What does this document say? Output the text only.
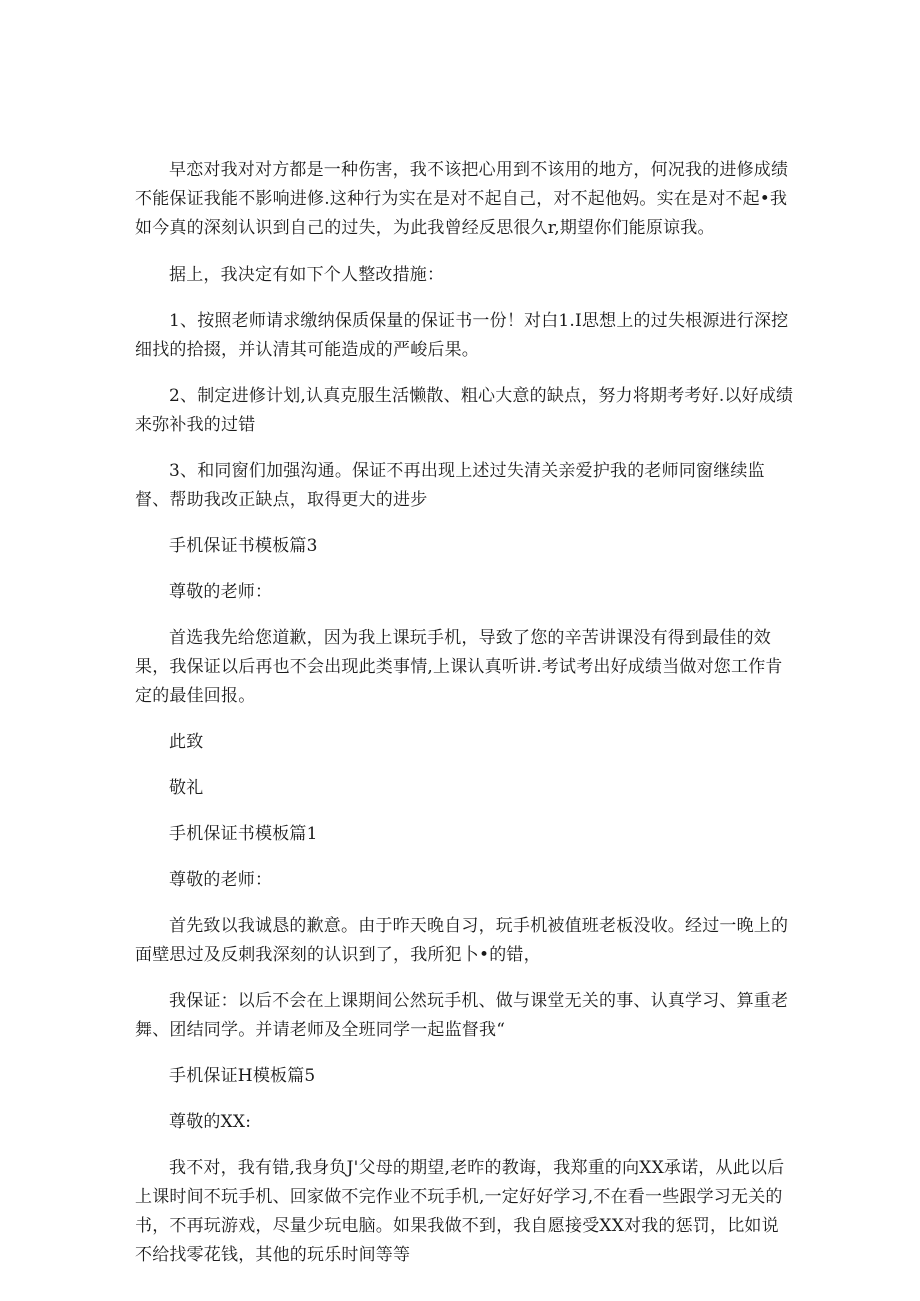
早恋对我对对方都是一种伤害，我不该把心用到不该用的地方，何况我的进修成绩不能保证我能不影响进修.这种行为实在是对不起自己，对不起他妈。实在是对不起•我如今真的深刻认识到自己的过失，为此我曾经反思很久r,期望你们能原谅我。

据上，我决定有如下个人整改措施：

1、按照老师请求缴纳保质保量的保证书一份！对白1.I思想上的过失根源进行深挖细找的拾掇，并认清其可能造成的严峻后果。

2、制定进修计划,认真克服生活懒散、粗心大意的缺点，努力将期考考好.以好成绩来弥补我的过错

3、和同窗们加强沟通。保证不再出现上述过失清关亲爱护我的老师同窗继续监督、帮助我改正缺点，取得更大的进步

手机保证书模板篇3

尊敬的老师：

首选我先给您道歉，因为我上课玩手机，导致了您的辛苦讲课没有得到最佳的效果，我保证以后再也不会出现此类事情,上课认真听讲.考试考出好成绩当做对您工作肯定的最佳回报。

此致

敬礼

手机保证书模板篇1

尊敬的老师：

首先致以我诚恳的歉意。由于昨天晚自习，玩手机被值班老板没收。经过一晚上的面壁思过及反刺我深刻的认识到了，我所犯卜•的错，

我保证：以后不会在上课期间公然玩手机、做与课堂无关的事、认真学习、算重老舞、团结同学。并请老师及全班同学一起监督我“

手机保证H模板篇5

尊敬的XX:

我不对，我有错,我身负J'父母的期望,老昨的教诲，我郑重的向XX承诺，从此以后上课时间不玩手机、回家做不完作业不玩手机,一定好好学习,不在看一些跟学习无关的书，不再玩游戏，尽量少玩电脑。如果我做不到，我自愿接受XX对我的惩罚，比如说不给找零花钱，其他的玩乐时间等等
